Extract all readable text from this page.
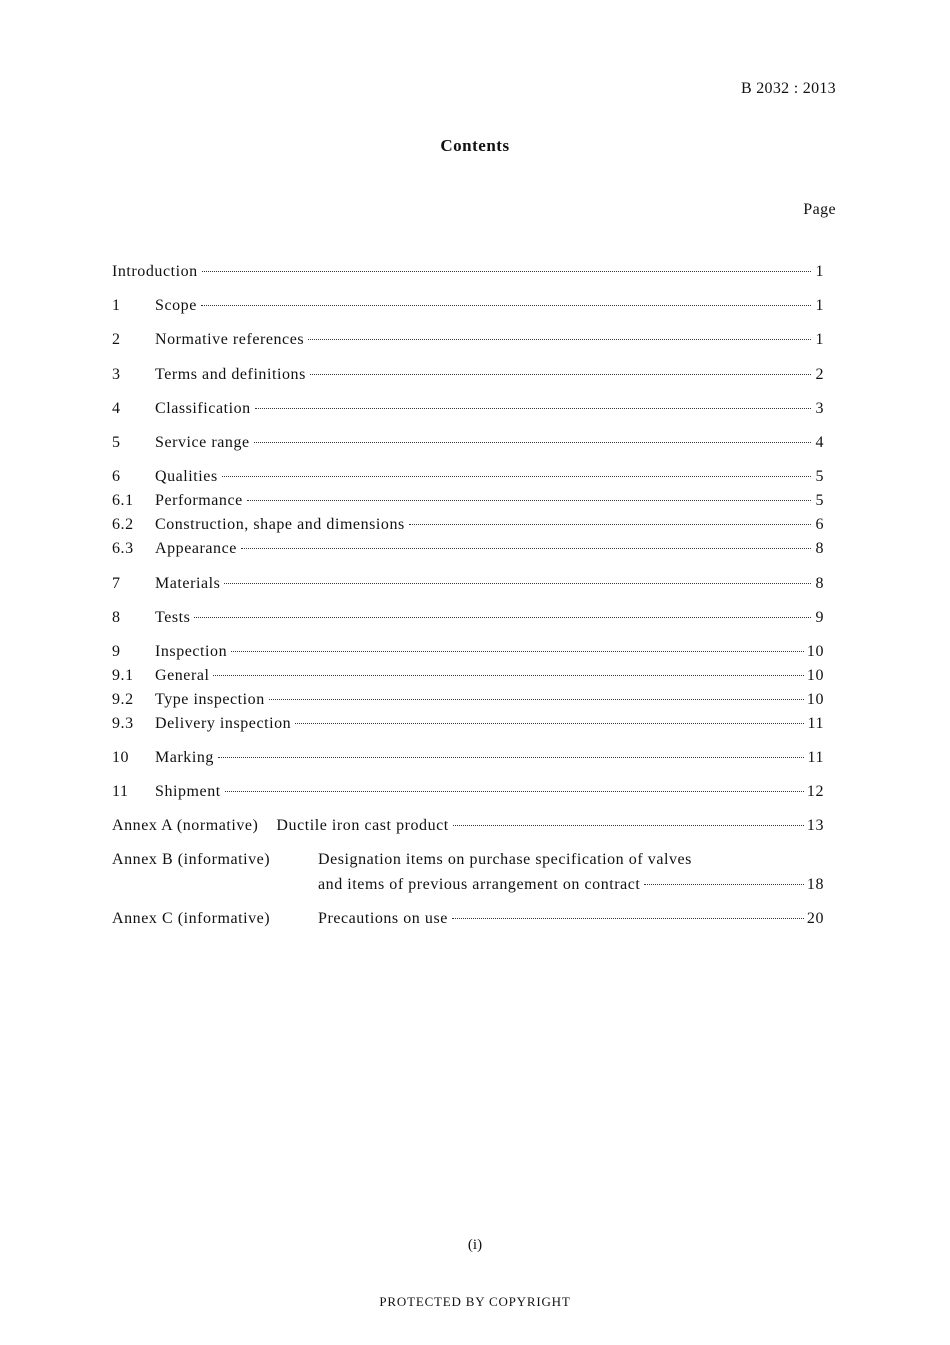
B 2032 : 2013
Contents
Page
Introduction	1
1	Scope	1
2	Normative references	1
3	Terms and definitions	2
4	Classification	3
5	Service range	4
6	Qualities	5
6.1	Performance	5
6.2	Construction, shape and dimensions	6
6.3	Appearance	8
7	Materials	8
8	Tests	9
9	Inspection	10
9.1	General	10
9.2	Type inspection	10
9.3	Delivery inspection	11
10	Marking	11
11	Shipment	12
Annex A (normative) Ductile iron cast product	13
Annex B (informative)	Designation items on purchase specification of valves
and items of previous arrangement on contract	18
Annex C (informative)	Precautions on use	20
(i)
PROTECTED BY COPYRIGHT
